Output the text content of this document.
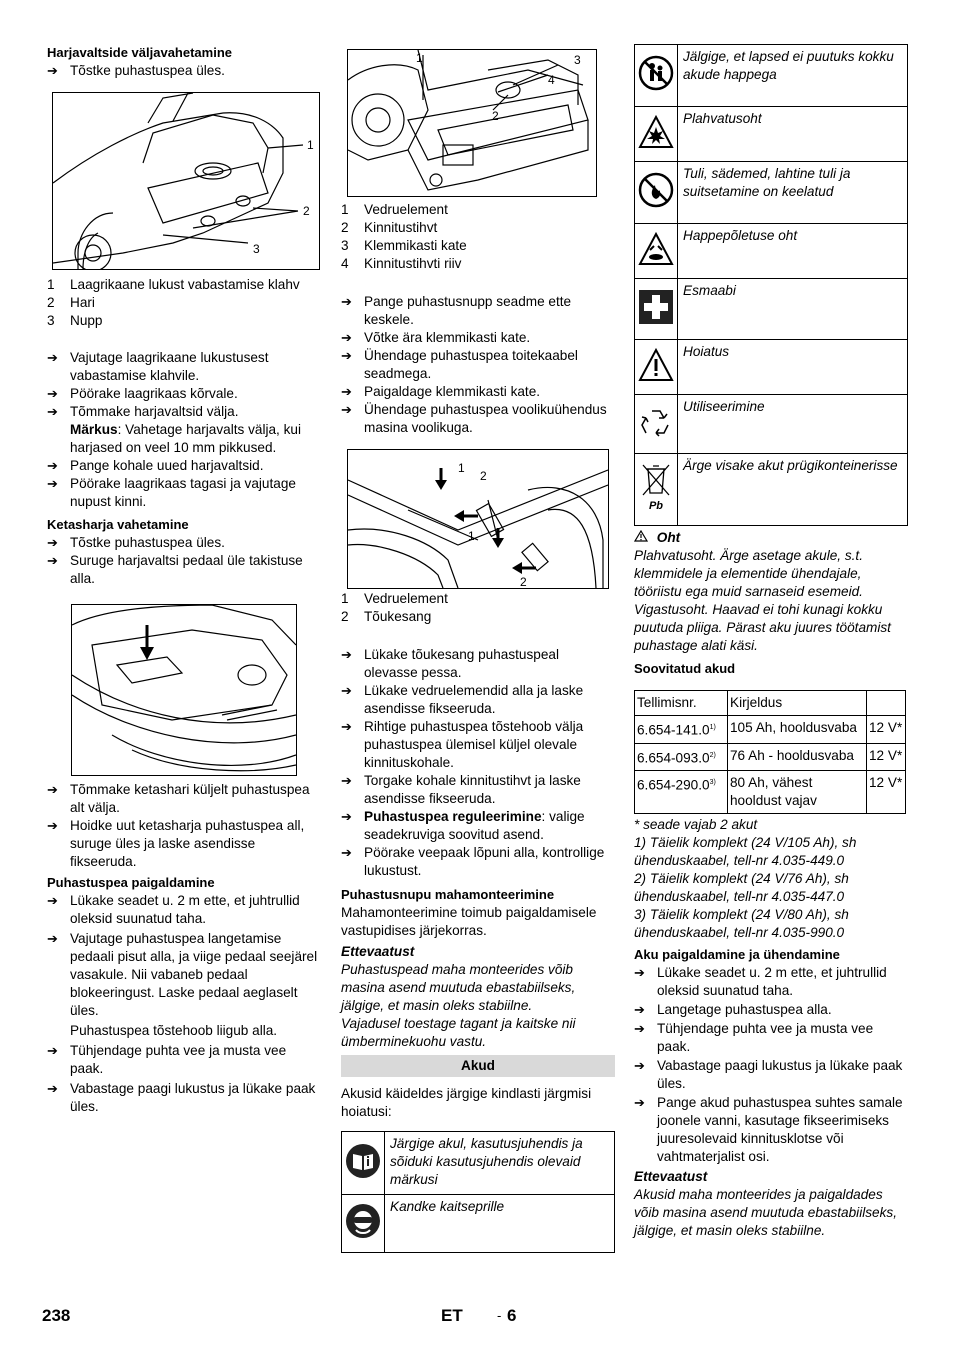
Harjavaltside väljavahetamine

➔ Tõstke puhastuspea üles.
1
2
3
1 Laagrikaane lukust vabastamise klahv
2 Hari
3 Nupp
➔ Vajutage laagrikaane lukustusest vabastamise klahvile.
➔ Pöörake laagrikaas kõrvale.
➔ Tõmmake harjavaltsid välja.
Märkus: Vahetage harjavalts välja, kui harjased on veel 10 mm pikkused.
➔ Pange kohale uued harjavaltsid.
➔ Pöörake laagrikaas tagasi ja vajutage nupust kinni.

Ketasharja vahetamine

➔ Tõstke puhastuspea üles.
➔ Suruge harjavaltsi pedaal üle takistuse alla.
➔ Tõmmake ketashari küljelt puhastuspea alt välja.
➔ Hoidke uut ketasharja puhastuspea all, suruge üles ja laske asendisse fikseeruda.

Puhastuspea paigaldamine

➔ Lükake seadet u. 2 m ette, et juhtrullid oleksid suunatud taha.
➔ Vajutage puhastuspea langetamise pedaali pisut alla, ja viige pedaal seejärel vasakule. Nii vabaneb pedaal blokeeringust. Laske pedaal aeglaselt üles.
Puhastuspea tõstehoob liigub alla.
➔ Tühjendage puhta vee ja musta vee paak.
➔ Vabastage paagi lukustus ja lükake paak üles.
1
2
3
4
1 Vedruelement
2 Kinnitustihvt
3 Klemmikasti kate
4 Kinnitustihvti riiv
➔ Pange puhastusnupp seadme ette keskele.
➔ Võtke ära klemmikasti kate.
➔ Ühendage puhastuspea toitekaabel seadmega.
➔ Paigaldage klemmikasti kate.
➔ Ühendage puhastuspea voolikuühendus masina voolikuga.
1
2
1
2
1 Vedruelement
2 Tõukesang
➔ Lükake tõukesang puhastuspeal olevasse pessa.
➔ Lükake vedruelemendid alla ja laske asendisse fikseeruda.
➔ Rihtige puhastuspea tõstehoob välja puhastuspea ülemisel küljel olevale kinnituskohale.
➔ Torgake kohale kinnitustihvt ja laske asendisse fikseeruda.
➔ Puhastuspea reguleerimine: valige seadekruviga soovitud asend.
➔ Pöörake veepaak lõpuni alla, kontrollige lukustust.

Puhastusnupu mahamonteerimine

Mahamonteerimine toimub paigaldamisele vastupidises järjekorras.
Ettevaatust
Puhastuspead maha monteerides võib masina asend muutuda ebastabiilseks, jälgige, et masin oleks stabiilne.
Vajadusel toestage tagant ja kaitske nii ümberminekuohu vastu.
Akud
Akusid käideldes järgige kindlasti järgmisi hoiatusi:
	Järgige akul, kasutusjuhendis ja sõiduki kasutusjuhendis olevaid märkusi
	Kandke kaitseprille
	Jälgige, et lapsed ei puutuks kokku akude happega
	Plahvatusoht
	Tuli, sädemed, lahtine tuli ja suitsetamine on keelatud
	Happepõletuse oht
	Esmaabi
	Hoiatus
	Utiliseerimine

Pb	Ärge visake akut prügikonteinerisse
Oht
Plahvatusoht. Ärge asetage akule, s.t. klemmidele ja elementide ühendajale, tööriistu ega muid sarnaseid esemeid. Vigastusoht. Haavad ei tohi kunagi kokku puutuda pliiga. Pärast aku juures töötamist puhastage alati käsi.

Soovitatud akud

Tellimisnr.	Kirjeldus	
6.654-141.0$^{1)}$	105 Ah, hooldusvaba	12 V*
6.654-093.0$^{2)}$	76 Ah - hooldusvaba	12 V*
6.654-290.0$^{3)}$	80 Ah, vähest hooldust vajav	12 V*
* seade vajab 2 akut
1) Täielik komplekt (24 V/105 Ah), sh ühenduskaabel, tell-nr 4.035-449.0
2) Täielik komplekt (24 V/76 Ah), sh ühenduskaabel, tell-nr 4.035-447.0
3) Täielik komplekt (24 V/80 Ah), sh ühenduskaabel, tell-nr 4.035-990.0

Aku paigaldamine ja ühendamine

➔ Lükake seadet u. 2 m ette, et juhtrullid oleksid suunatud taha.
➔ Langetage puhastuspea alla.
➔ Tühjendage puhta vee ja musta vee paak.
➔ Vabastage paagi lukustus ja lükake paak üles.
➔ Pange akud puhastuspea suhtes samale joonele vanni, kasutage fikseerimiseks juuresolevaid kinnitusklotse või vahtmaterjalist osi.
Ettevaatust
Akusid maha monteerides ja paigaldades võib masina asend muutuda ebastabiilseks, jälgige, et masin oleks stabiilne.
238	ET	- 6
